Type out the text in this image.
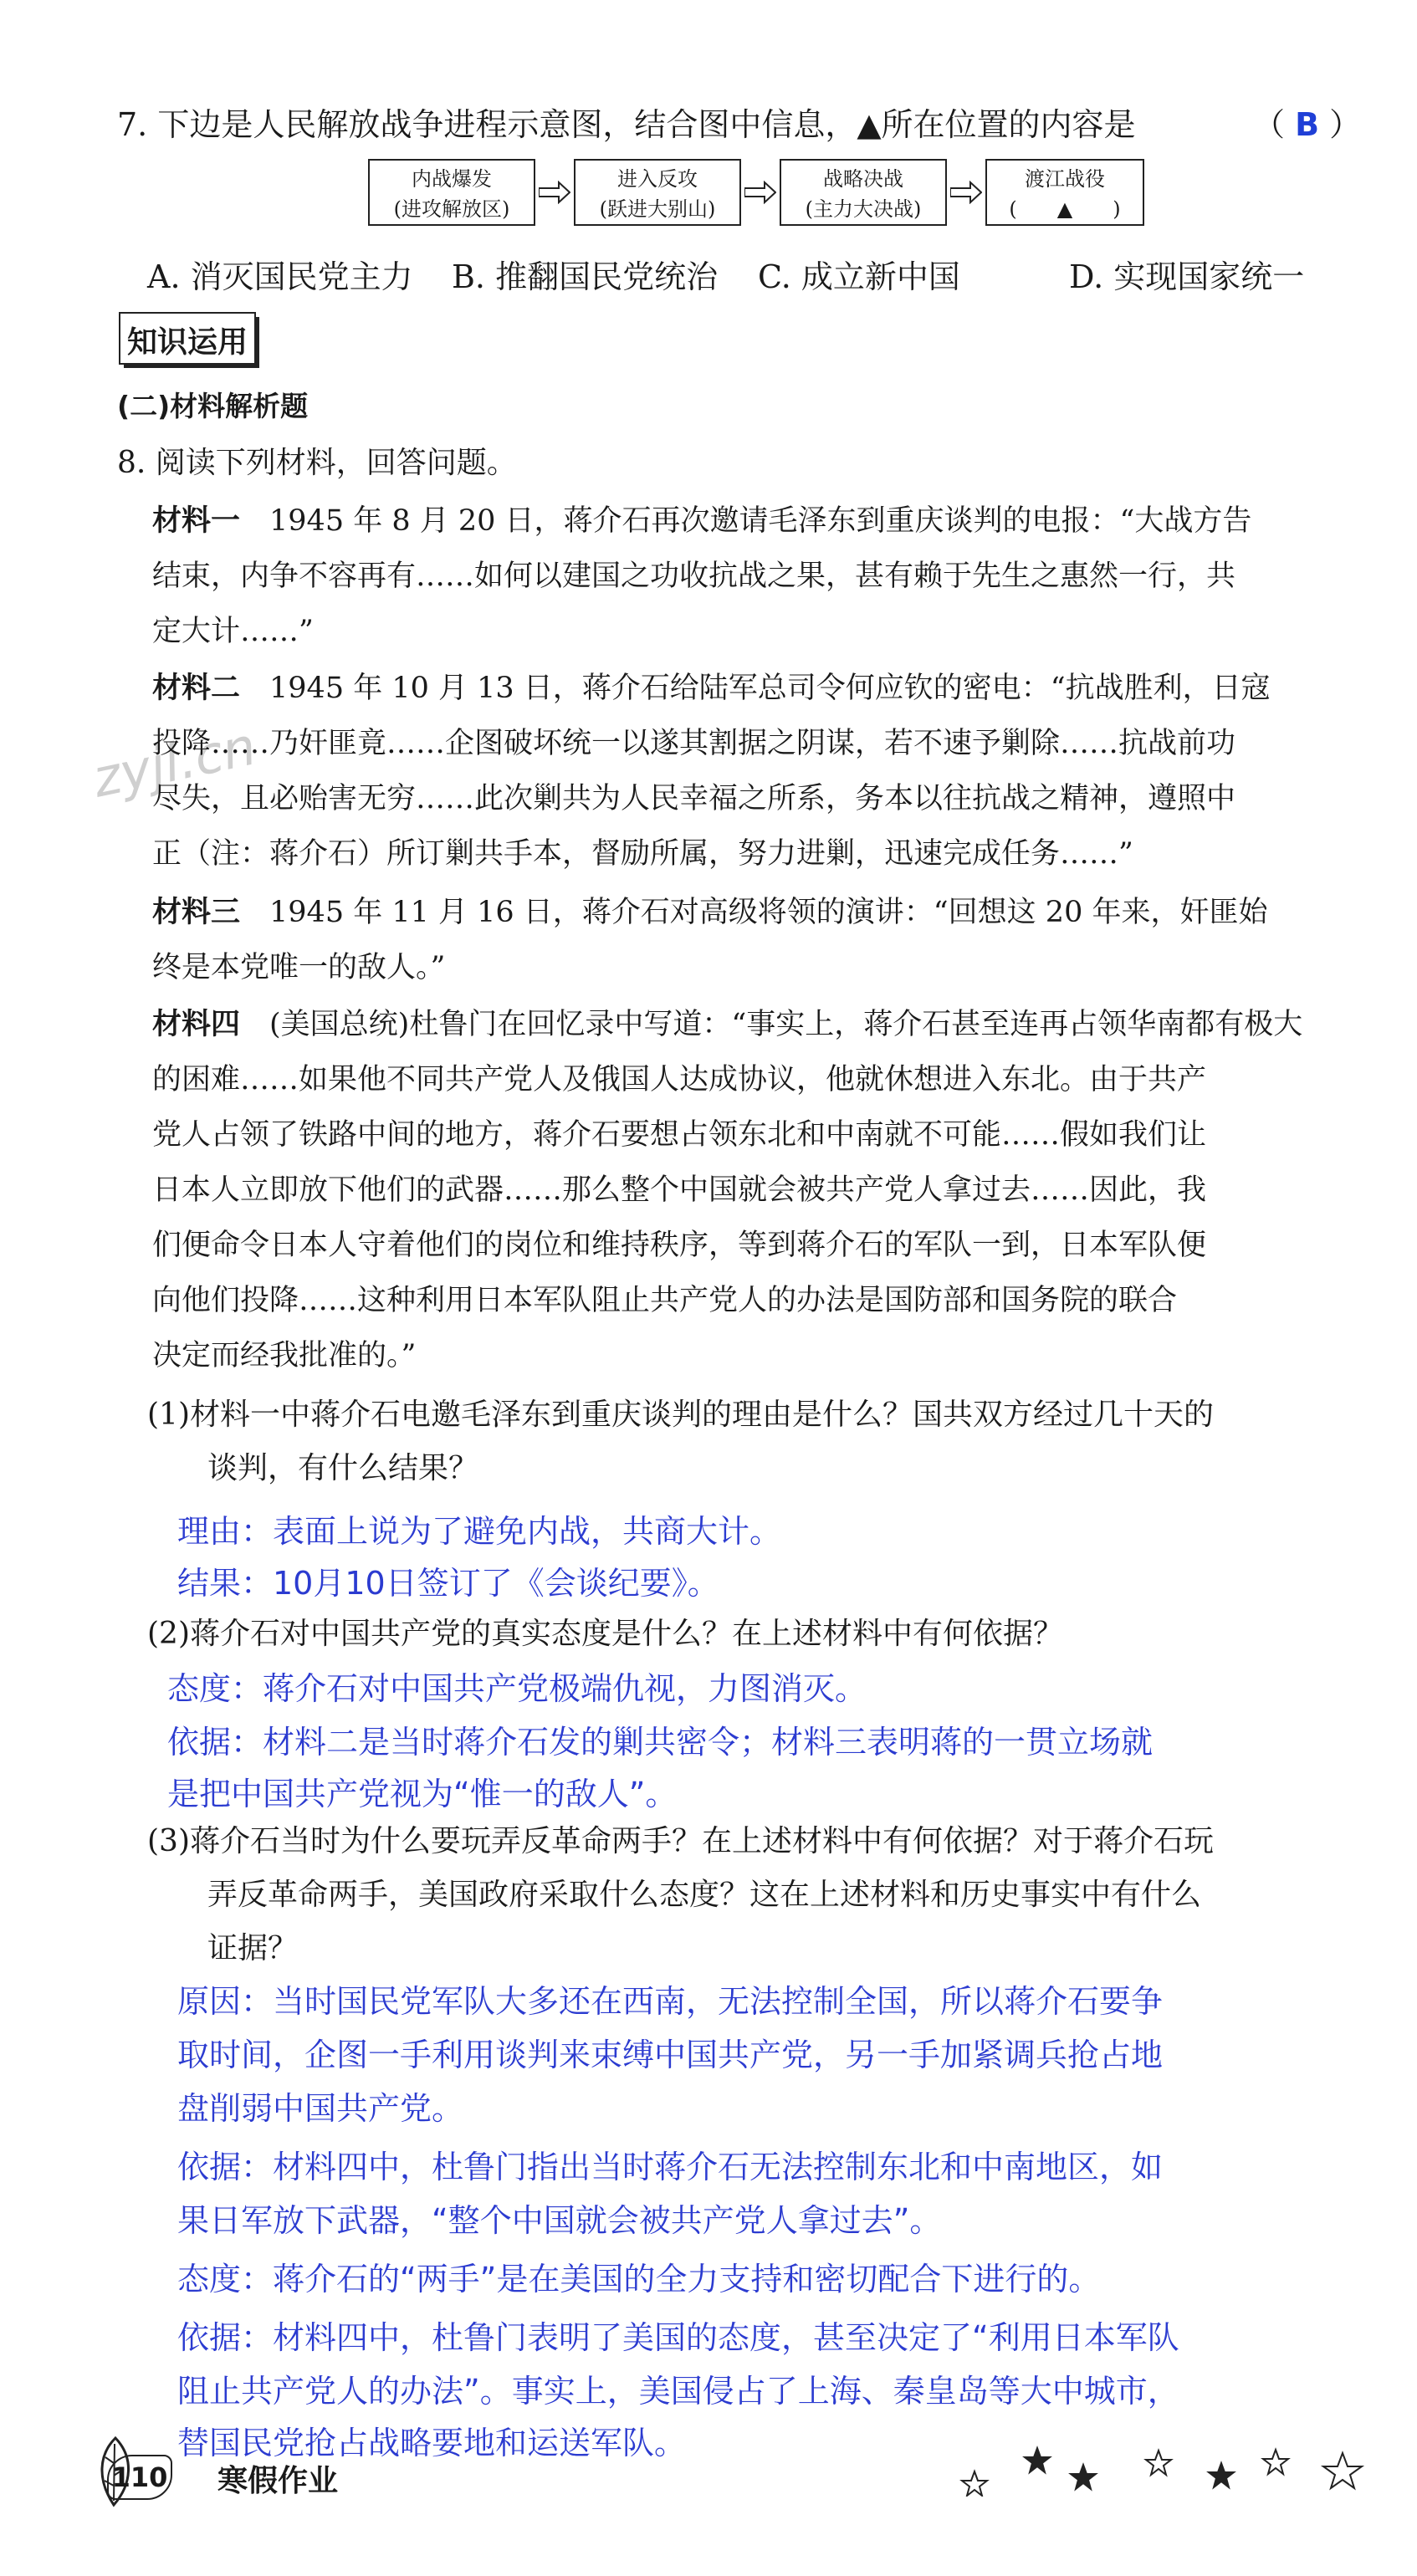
7. 下边是人民解放战争进程示意图，结合图中信息，▲所在位置的内容是	（ B ）
内战爆发
(进攻解放区)
进入反攻
(跃进大别山)
战略决战
(主力大决战)
渡江战役
(　　▲　　)
A. 消灭国民党主力 B. 推翻国民党统治 C. 成立新中国	D. 实现国家统一
知识运用
(二)材料解析题
8. 阅读下列材料，回答问题。
zyjl.cn
材料一　1945 年 8 月 20 日，蒋介石再次邀请毛泽东到重庆谈判的电报：“大战方告
结束，内争不容再有……如何以建国之功收抗战之果，甚有赖于先生之惠然一行，共
定大计……”
材料二　1945 年 10 月 13 日，蒋介石给陆军总司令何应钦的密电：“抗战胜利，日寇
投降……乃奸匪竟……企图破坏统一以遂其割据之阴谋，若不速予剿除……抗战前功
尽失，且必贻害无穷……此次剿共为人民幸福之所系，务本以往抗战之精神，遵照中
正（注：蒋介石）所订剿共手本，督励所属，努力进剿，迅速完成任务……”
材料三　1945 年 11 月 16 日，蒋介石对高级将领的演讲：“回想这 20 年来，奸匪始
终是本党唯一的敌人。”
材料四　(美国总统)杜鲁门在回忆录中写道：“事实上，蒋介石甚至连再占领华南都有极大
的困难……如果他不同共产党人及俄国人达成协议，他就休想进入东北。由于共产
党人占领了铁路中间的地方，蒋介石要想占领东北和中南就不可能……假如我们让
日本人立即放下他们的武器……那么整个中国就会被共产党人拿过去……因此，我
们便命令日本人守着他们的岗位和维持秩序，等到蒋介石的军队一到，日本军队便
向他们投降……这种利用日本军队阻止共产党人的办法是国防部和国务院的联合
决定而经我批准的。”
(1)材料一中蒋介石电邀毛泽东到重庆谈判的理由是什么？国共双方经过几十天的
　　谈判，有什么结果？
理由：表面上说为了避免内战，共商大计。
结果：10月10日签订了《会谈纪要》。
(2)蒋介石对中国共产党的真实态度是什么？在上述材料中有何依据？
态度：蒋介石对中国共产党极端仇视，力图消灭。
依据：材料二是当时蒋介石发的剿共密令；材料三表明蒋的一贯立场就
是把中国共产党视为“惟一的敌人”。
(3)蒋介石当时为什么要玩弄反革命两手？在上述材料中有何依据？对于蒋介石玩
　　弄反革命两手，美国政府采取什么态度？这在上述材料和历史事实中有什么
　　证据？
原因：当时国民党军队大多还在西南，无法控制全国，所以蒋介石要争
取时间，企图一手利用谈判来束缚中国共产党，另一手加紧调兵抢占地
盘削弱中国共产党。
依据：材料四中，杜鲁门指出当时蒋介石无法控制东北和中南地区，如
果日军放下武器，“整个中国就会被共产党人拿过去”。
态度：蒋介石的“两手”是在美国的全力支持和密切配合下进行的。
依据：材料四中，杜鲁门表明了美国的态度，甚至决定了“利用日本军队
阻止共产党人的办法”。事实上，美国侵占了上海、秦皇岛等大中城市，
替国民党抢占战略要地和运送军队。
110 寒假作业
